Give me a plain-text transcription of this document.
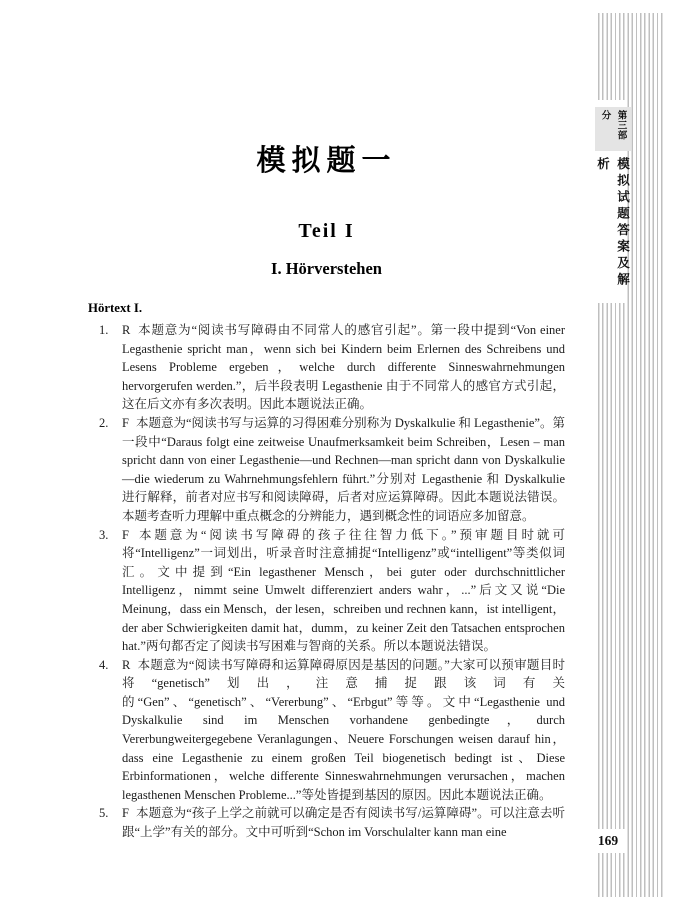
第三部分
模拟试题答案及解析
169
模拟题一
Teil I
I. Hörverstehen
Hörtext I.
1. R 本题意为“阅读书写障碍由不同常人的感官引起”。第一段中提到“Von einer Legasthenie spricht man，wenn sich bei Kindern beim Erlernen des Schreibens und Lesens Probleme ergeben，welche durch differente Sinneswahrnehmungen hervorgerufen werden.”，后半段表明 Legasthenie 由于不同常人的感官方式引起，这在后文亦有多次表明。因此本题说法正确。

2. F 本题意为“阅读书写与运算的习得困难分别称为 Dyskalkulie 和 Legasthenie”。第一段中“Daraus folgt eine zeitweise Unaufmerksamkeit beim Schreiben，Lesen – man spricht dann von einer Legasthenie—und Rechnen—man spricht dann von Dyskalkulie—die wiederum zu Wahrnehmungsfehlern führt.”分别对 Legasthenie 和 Dyskalkulie 进行解释，前者对应书写和阅读障碍，后者对应运算障碍。因此本题说法错误。本题考查听力理解中重点概念的分辨能力，遇到概念性的词语应多加留意。

3. F 本题意为“阅读书写障碍的孩子往往智力低下。”预审题目时就可将“Intelligenz”一词划出，听录音时注意捕捉“Intelligenz”或“intelligent”等类似词汇。文中提到“Ein legasthener Mensch，bei guter oder durchschnittlicher Intelligenz，nimmt seine Umwelt differenziert anders wahr，...”后文又说“Die Meinung，dass ein Mensch，der lesen，schreiben und rechnen kann，ist intelligent，der aber Schwierigkeiten damit hat，dumm，zu keiner Zeit den Tatsachen entsprochen hat.”两句都否定了阅读书写困难与智商的关系。所以本题说法错误。

4. R 本题意为“阅读书写障碍和运算障碍原因是基因的问题。”大家可以预审题目时将“genetisch”划出，注意捕捉跟该词有关的“Gen”、“genetisch”、“Vererbung”、“Erbgut”等等。文中“Legasthenie und Dyskalkulie sind im Menschen vorhandene genbedingte，durch Vererbungweitergegebene Veranlagungen、Neuere Forschungen weisen darauf hin，dass eine Legasthenie zu einem großen Teil biogenetisch bedingt ist、Diese Erbinformationen，welche differente Sinneswahrnehmungen verursachen，machen legasthenen Menschen Probleme...”等处皆提到基因的原因。因此本题说法正确。

5. F 本题意为“孩子上学之前就可以确定是否有阅读书写/运算障碍”。可以注意去听跟“上学”有关的部分。文中可听到“Schon im Vorschulalter kann man eine
